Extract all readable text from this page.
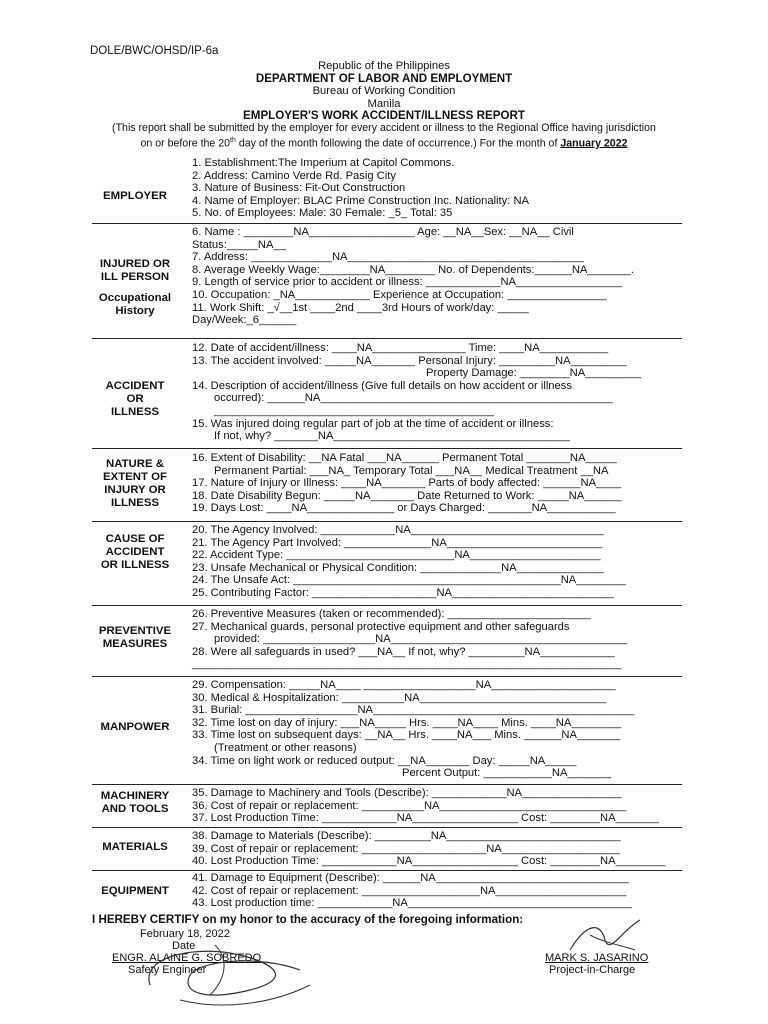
DOLE/BWC/OHSD/IP-6a
Republic of the Philippines
DEPARTMENT OF LABOR AND EMPLOYMENT
Bureau of Working Condition
Manila
EMPLOYER'S WORK ACCIDENT/ILLNESS REPORT
(This report shall be submitted by the employer for every accident or illness to the Regional Office having jurisdiction
on or before the 20th day of the month following the date of occurrence.) For the month of January 2022
EMPLOYER
1. Establishment:The Imperium at Capitol Commons.
2. Address: Camino Verde Rd. Pasig City
3. Nature of Business: Fit-Out Construction
4. Name of Employer: BLAC Prime Construction Inc. Nationality: NA
5. No. of Employees: Male: 30 Female: _5_ Total: 35
INJURED OR
ILL PERSON
Occupational
History
6. Name : ________NA_________________ Age: __NA__Sex: __NA__ Civil
Status:_____NA__
7. Address: _____________NA______________________________________
8. Average Weekly Wage:________NA________ No. of Dependents:______NA_______.
9. Length of service prior to accident or illness: ____________NA_________________
10. Occupation: _NA____________ Experience at Occupation: ________________
11. Work Shift: _√__1st ____2nd ____3rd Hours of work/day: _____
Day/Week:_6______
ACCIDENT
OR
ILLNESS
12. Date of accident/illness: ____NA_______________ Time: ____NA___________
13. The accident involved: _____NA_______ Personal Injury: _________NA_________
Property Damage: ________NA_________
14. Description of accident/illness (Give full details on how accident or illness
occurred): ______NA_______________________________________________
_____________________________________________
15. Was injured doing regular part of job at the time of accident or illness:
If not, why? _______NA______________________________________
NATURE &
EXTENT OF
INJURY OR
ILLNESS
16. Extent of Disability: __NA Fatal ___NA______ Permanent Total _______NA_____
Permanent Partial: ___NA_ Temporary Total ___NA__ Medical Treatment __NA
17. Nature of Injury or Illness: ____NA_______ Parts of body affected: ______NA____
18. Date Disability Begun: _____NA_______ Date Returned to Work: _____NA______
19. Days Lost: ____NA______________ or Days Charged: _______NA___________
CAUSE OF
ACCIDENT
OR ILLNESS
20. The Agency Involved: ____________NA_______________________________
21. The Agency Part Involved: ______________NA_________________________
22. Accident Type: ___________________________NA_____________________
23. Unsafe Mechanical or Physical Condition: _____________NA______________
24. The Unsafe Act: ___________________________________________NA________
25. Contributing Factor: ____________________NA__________________________
PREVENTIVE
MEASURES
26. Preventive Measures (taken or recommended): _______________________
27. Mechanical guards, personal protective equipment and other safeguards
provided: __________________NA______________________________________
28. Were all safeguards in used? ___NA__ If not, why? _________NA____________
_____________________________________________________________________
MANPOWER
29. Compensation: _____NA____ __________________NA____________________
30. Medical & Hospitalization: __________NA______________________________
31. Burial: __________________NA__________________________________________
32. Time lost on day of injury: ___NA_____ Hrs. ____NA____ Mins. ____NA________
33. Time lost on subsequent days: __NA__ Hrs. ____NA___ Mins. ______NA_______
(Treatment or other reasons)
34. Time on light work or reduced output: __NA_______ Day: _____NA_____
Percent Output: ___________NA_______
MACHINERY
AND TOOLS
35. Damage to Machinery and Tools (Describe): ____________NA________________
36. Cost of repair or replacement: __________NA______________________________
37. Lost Production Time: ____________NA_________________ Cost: ________NA_______
MATERIALS
38. Damage to Materials (Describe): _________NA____________________________
39. Cost of repair or replacement: ____________________NA___________________
40. Lost Production Time: ____________NA_________________ Cost: ________NA________
EQUIPMENT
41. Damage to Equipment (Describe): ______NA_______________________________
42. Cost of repair or replacement: ___________________NA_____________________
43. Lost production time: ____________NA____________________________________
I HEREBY CERTIFY on my honor to the accuracy of the foregoing information:
February 18, 2022
Date
ENGR. ALAINE G. SOBREDO
Safety Engineer
MARK S. JASARINO
Project-in-Charge
